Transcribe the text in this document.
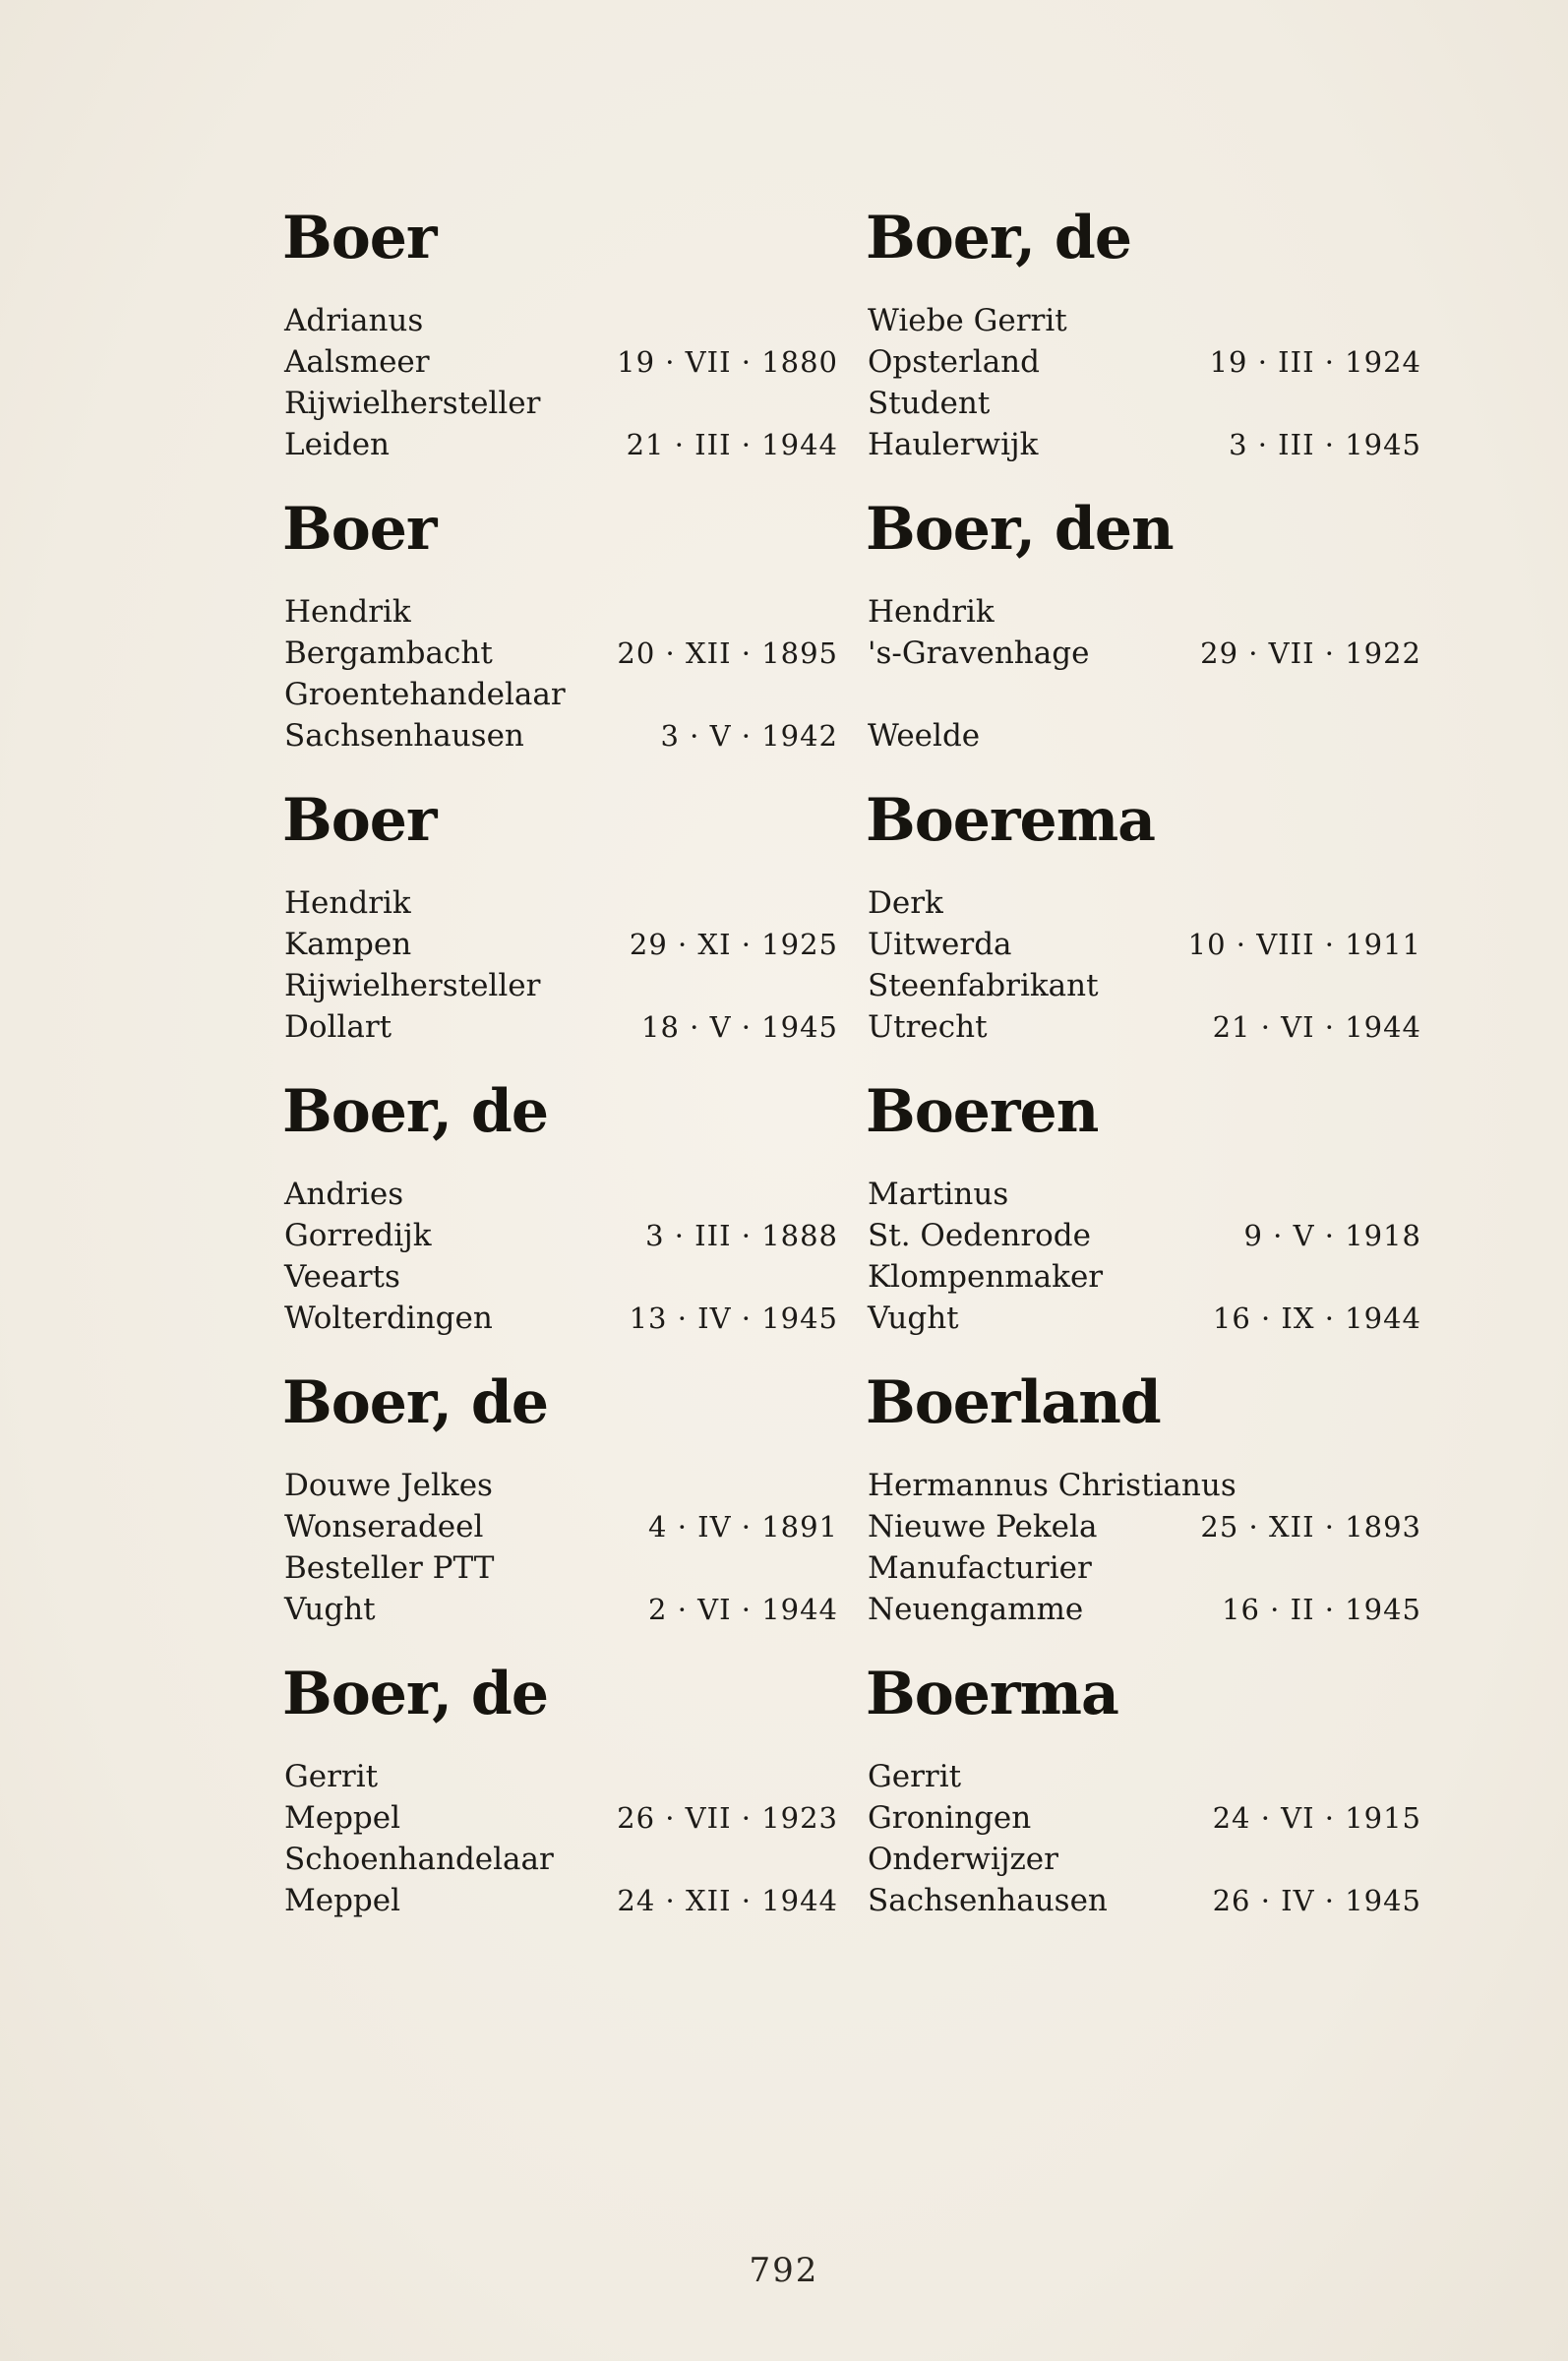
Boer
Adrianus
Aalsmeer	19 · VII · 1880
Rijwielhersteller
Leiden	21 · III · 1944
Boer
Hendrik
Bergambacht	20 · XII · 1895
Groentehandelaar
Sachsenhausen	3 · V · 1942
Boer
Hendrik
Kampen	29 · XI · 1925
Rijwielhersteller
Dollart	18 · V · 1945
Boer, de
Andries
Gorredijk	3 · III · 1888
Veearts
Wolterdingen	13 · IV · 1945
Boer, de
Douwe Jelkes
Wonseradeel	4 · IV · 1891
Besteller PTT
Vught	2 · VI · 1944
Boer, de
Gerrit
Meppel	26 · VII · 1923
Schoenhandelaar
Meppel	24 · XII · 1944
Boer, de
Wiebe Gerrit
Opsterland	19 · III · 1924
Student
Haulerwijk	3 · III · 1945
Boer, den
Hendrik
's-Gravenhage	29 · VII · 1922
Weelde
Boerema
Derk
Uitwerda	10 · VIII · 1911
Steenfabrikant
Utrecht	21 · VI · 1944
Boeren
Martinus
St. Oedenrode	9 · V · 1918
Klompenmaker
Vught	16 · IX · 1944
Boerland
Hermannus Christianus
Nieuwe Pekela	25 · XII · 1893
Manufacturier
Neuengamme	16 · II · 1945
Boerma
Gerrit
Groningen	24 · VI · 1915
Onderwijzer
Sachsenhausen	26 · IV · 1945
792
